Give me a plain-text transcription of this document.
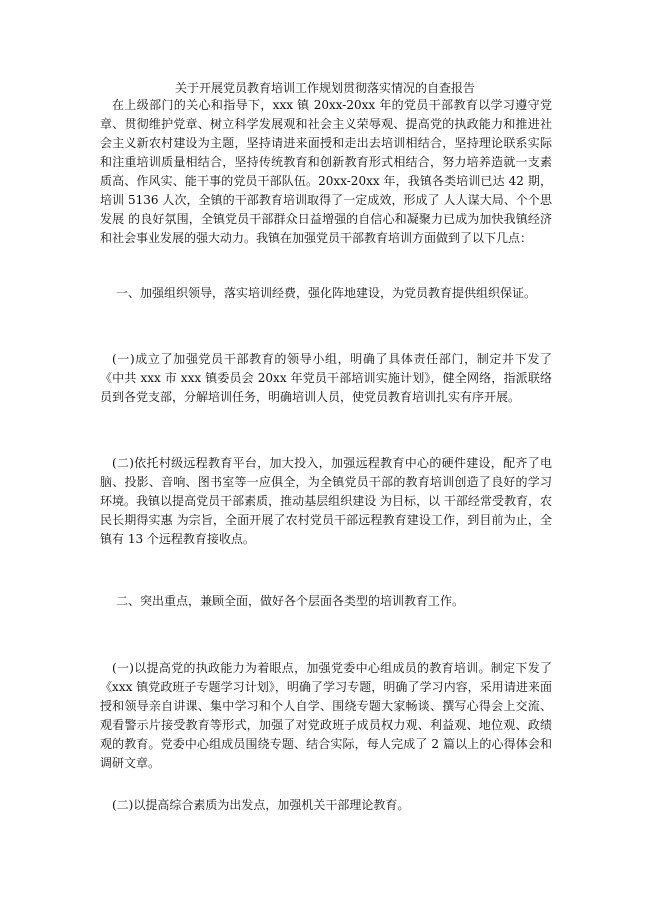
关于开展党员教育培训工作规划贯彻落实情况的自查报告

在上级部门的关心和指导下，xxx 镇 20xx-20xx 年的党员干部教育以学习遵守党章、贯彻维护党章、树立科学发展观和社会主义荣辱观、提高党的执政能力和推进社会主义新农村建设为主题，坚持请进来面授和走出去培训相结合，坚持理论联系实际和注重培训质量相结合，坚持传统教育和创新教育形式相结合，努力培养造就一支素质高、作风实、能干事的党员干部队伍。20xx-20xx 年，我镇各类培训已达 42 期，培训 5136 人次，全镇的干部教育培训取得了一定成效，形成了 人人谋大局、个个思发展 的良好氛围，全镇党员干部群众日益增强的自信心和凝聚力已成为加快我镇经济和社会事业发展的强大动力。我镇在加强党员干部教育培训方面做到了以下几点：

一、加强组织领导，落实培训经费，强化阵地建设，为党员教育提供组织保证。

(一)成立了加强党员干部教育的领导小组，明确了具体责任部门，制定并下发了《中共 xxx 市 xxx 镇委员会 20xx 年党员干部培训实施计划》，健全网络，指派联络员到各党支部，分解培训任务，明确培训人员，使党员教育培训扎实有序开展。

(二)依托村级远程教育平台，加大投入，加强远程教育中心的硬件建设，配齐了电脑、投影、音响、图书室等一应俱全，为全镇党员干部的教育培训创造了良好的学习环境。我镇以提高党员干部素质，推动基层组织建设 为目标，以 干部经常受教育，农民长期得实惠 为宗旨，全面开展了农村党员干部远程教育建设工作，到目前为止，全镇有 13 个远程教育接收点。

二、突出重点，兼顾全面，做好各个层面各类型的培训教育工作。

(一)以提高党的执政能力为着眼点，加强党委中心组成员的教育培训。制定下发了《xxx 镇党政班子专题学习计划》，明确了学习专题，明确了学习内容，采用请进来面授和领导亲自讲课、集中学习和个人自学、围绕专题大家畅谈、撰写心得会上交流、观看警示片接受教育等形式，加强了对党政班子成员权力观、利益观、地位观、政绩观的教育。党委中心组成员围绕专题、结合实际，每人完成了 2 篇以上的心得体会和调研文章。

(二)以提高综合素质为出发点，加强机关干部理论教育。
